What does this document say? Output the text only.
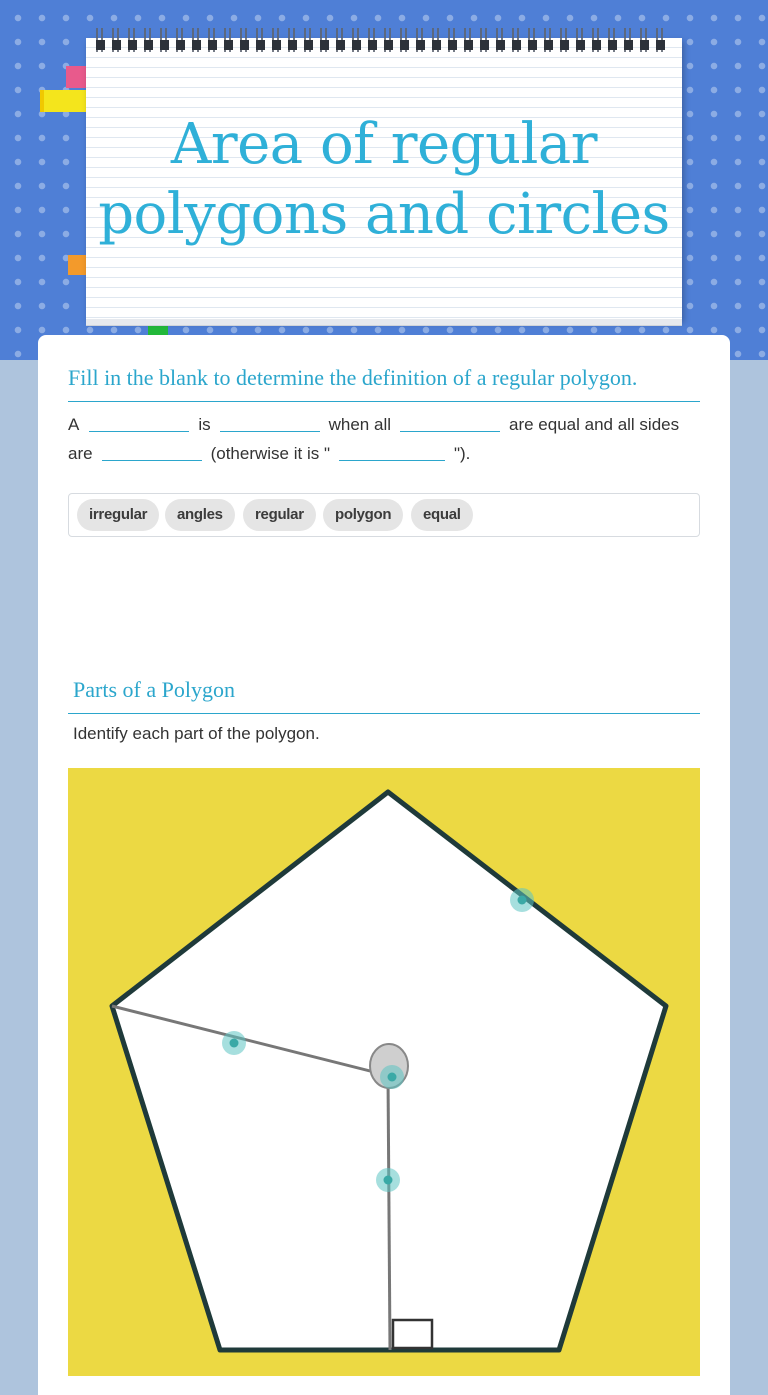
Area of regular
polygons and circles
Fill in the blank to determine the definition of a regular polygon.
A	is	when all	are equal and all sides are	(otherwise it is "	").
irregular	angles	regular	polygon	equal
Parts of a Polygon

Identify each part of the polygon.
